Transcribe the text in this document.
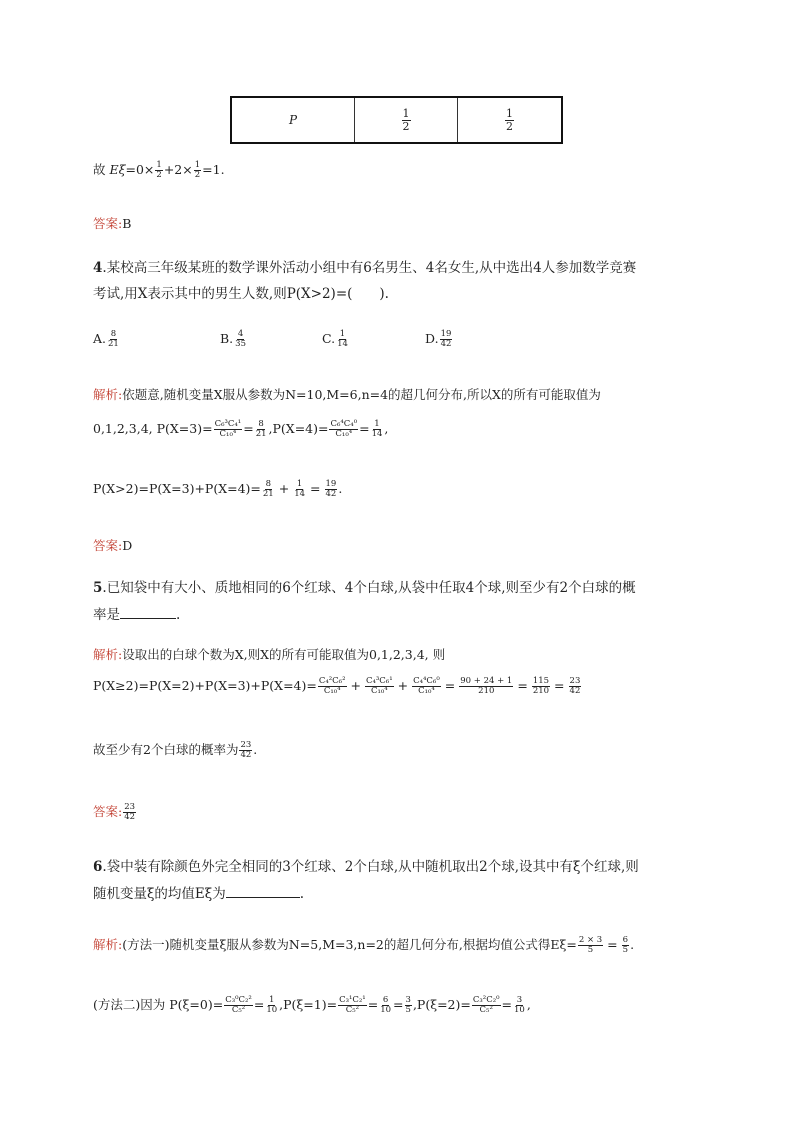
P	$\frac{1}{2}$	$\frac{1}{2}$
故 $E\xi=0\times \frac{1}{2} +2\times \frac{1}{2} =1$.
答案:B
4.某校高三年级某班的数学课外活动小组中有6名男生、4名女生,从中选出4人参加数学竞赛
考试,用X表示其中的男生人数,则P(X>2)=(　　).
A. $\frac{8}{21}$	B. $\frac{4}{35}$	C. $\frac{1}{14}$	D. $\frac{19}{42}$
解析:依题意,随机变量X服从参数为N=10,M=6,n=4的超几何分布,所以X的所有可能取值为
0,1,2,3,4, $P(X=3)= \frac{\text{C₆³C₄¹}}{\text{C₁₀⁴}} = \frac{8}{21} ,P(X=4)= \frac{\text{C₆⁴C₄⁰}}{\text{C₁₀⁴}} = \frac{1}{14}$ ,
$P(X>2)=P(X=3)+P(X=4)= \frac{8}{21} + \frac{1}{14} = \frac{19}{42}$ .
答案:D
5.已知袋中有大小、质地相同的6个红球、4个白球,从袋中任取4个球,则至少有2个白球的概
率是	.
解析:设取出的白球个数为X,则X的所有可能取值为0,1,2,3,4, 则
$P(X\ge 2)=P(X=2)+P(X=3)+P(X=4)= \frac{\text{C₄²C₆²}}{\text{C₁₀⁴}} + \frac{\text{C₄³C₆¹}}{\text{C₁₀⁴}} + \frac{\text{C₄⁴C₆⁰}}{\text{C₁₀⁴}} = \frac{90 + 24 + 1}{210} = \frac{115}{210} = \frac{23}{42}$
故至少有2个白球的概率为 $\frac{23}{42}$ .
答案: $\frac{23}{42}$
6.袋中装有除颜色外完全相同的3个红球、2个白球,从中随机取出2个球,设其中有ξ个红球,则
随机变量ξ的均值Eξ为	.
解析:(方法一)随机变量ξ服从参数为N=5,M=3,n=2的超几何分布,根据均值公式得$E\xi= \frac{2 \times 3}{5} = \frac{6}{5}$ .
(方法二)因为 $P(\xi=0)= \frac{\text{C₃⁰C₂²}}{\text{C₅²}} = \frac{1}{10} ,P(\xi=1)= \frac{\text{C₃¹C₂¹}}{\text{C₅²}} = \frac{6}{10} = \frac{3}{5} ,P(\xi=2)= \frac{\text{C₃²C₂⁰}}{\text{C₅²}} = \frac{3}{10}$ ,
